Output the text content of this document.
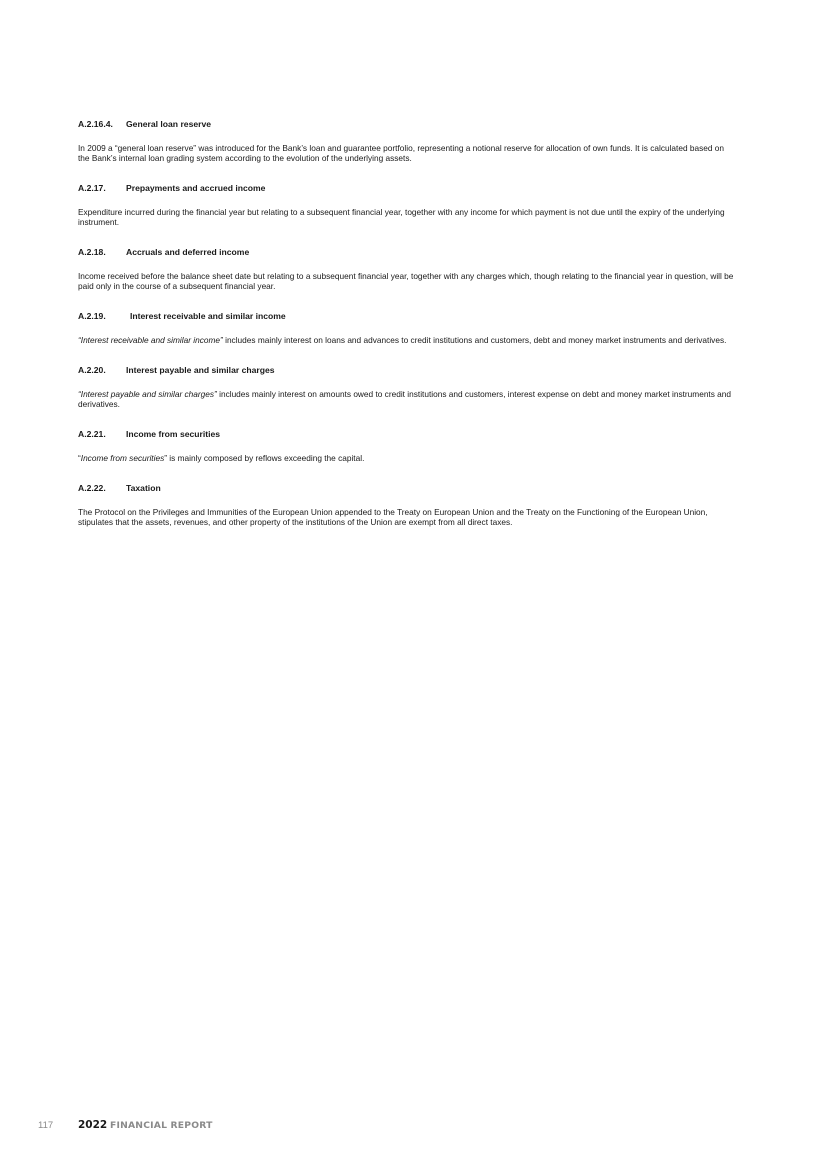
A.2.16.4. General loan reserve

In 2009 a “general loan reserve” was introduced for the Bank’s loan and guarantee portfolio, representing a notional reserve for allocation of own funds. It is calculated based on the Bank’s internal loan grading system according to the evolution of the underlying assets.

A.2.17. Prepayments and accrued income

Expenditure incurred during the financial year but relating to a subsequent financial year, together with any income for which payment is not due until the expiry of the underlying instrument.

A.2.18. Accruals and deferred income

Income received before the balance sheet date but relating to a subsequent financial year, together with any charges which, though relating to the financial year in question, will be paid only in the course of a subsequent financial year.

A.2.19.	Interest receivable and similar income

“Interest receivable and similar income” includes mainly interest on loans and advances to credit institutions and customers, debt and money market instruments and derivatives.

A.2.20. Interest payable and similar charges

“Interest payable and similar charges” includes mainly interest on amounts owed to credit institutions and customers, interest expense on debt and money market instruments and derivatives.

A.2.21. Income from securities

“Income from securities” is mainly composed by reflows exceeding the capital.

A.2.22. Taxation

The Protocol on the Privileges and Immunities of the European Union appended to the Treaty on European Union and the Treaty on the Functioning of the European Union, stipulates that the assets, revenues, and other property of the institutions of the Union are exempt from all direct taxes.

117 2022 FINANCIAL REPORT
